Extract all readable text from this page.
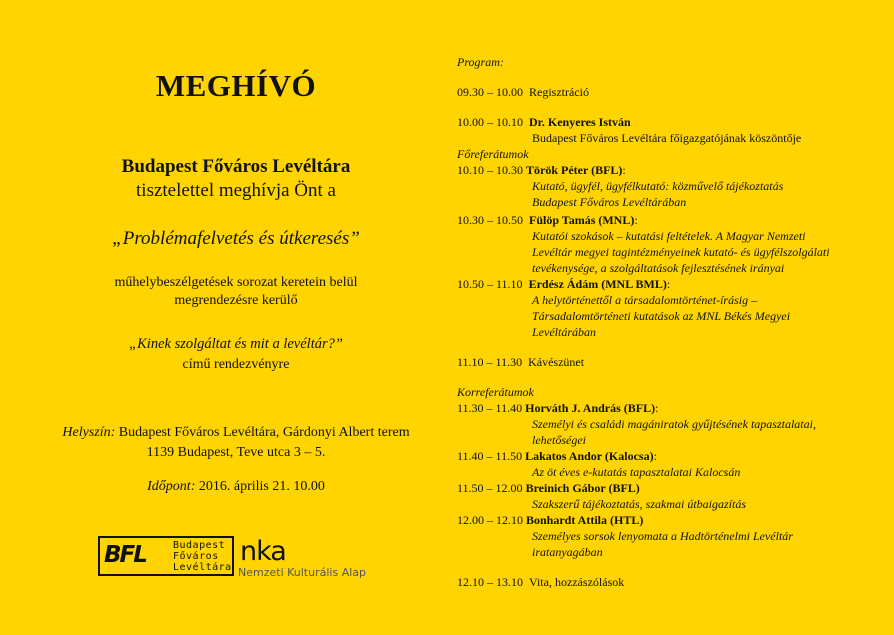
MEGHÍVÓ
Budapest Főváros Levéltára
tisztelettel meghívja Önt a
„Problémafelvetés és útkeresés”
műhelybeszélgetések sorozat keretein belül
megrendezésre kerülő
„Kinek szolgáltat és mit a levéltár?”
című rendezvényre
Helyszín: Budapest Főváros Levéltára, Gárdonyi Albert terem
1139 Budapest, Teve utca 3 – 5.
Időpont: 2016. április 21. 10.00
BFL	Budapest
Főváros
Levéltára
nka
Nemzeti Kulturális Alap
Program:
09.30 – 10.00 Regisztráció
10.00 – 10.10 Dr. Kenyeres István
Budapest Főváros Levéltára főigazgatójának köszöntője
Főreferátumok
10.10 – 10.30 Török Péter (BFL):
Kutató, ügyfél, ügyfélkutató: közművelő tájékoztatás Budapest Főváros Levéltárában
10.30 – 10.50 Fülöp Tamás (MNL):
Kutatói szokások – kutatási feltételek. A Magyar Nemzeti Levéltár megyei tagintézményeinek kutató- és ügyfélszolgálati tevékenysége, a szolgáltatások fejlesztésének irányai
10.50 – 11.10 Erdész Ádám (MNL BML):
A helytörténettől a társadalomtörténet-írásig – Társadalomtörténeti kutatások az MNL Békés Megyei Levéltárában
11.10 – 11.30 Kávészünet
Korreferátumok
11.30 – 11.40 Horváth J. András (BFL):
Személyi és családi magániratok gyűjtésének tapasztalatai, lehetőségei
11.40 – 11.50 Lakatos Andor (Kalocsa):
Az öt éves e-kutatás tapasztalatai Kalocsán
11.50 – 12.00 Breinich Gábor (BFL)
Szakszerű tájékoztatás, szakmai útbaigazítás
12.00 – 12.10 Bonhardt Attila (HTL)
Személyes sorsok lenyomata a Hadtörténelmi Levéltár iratanyagában
12.10 – 13.10 Vita, hozzászólások
